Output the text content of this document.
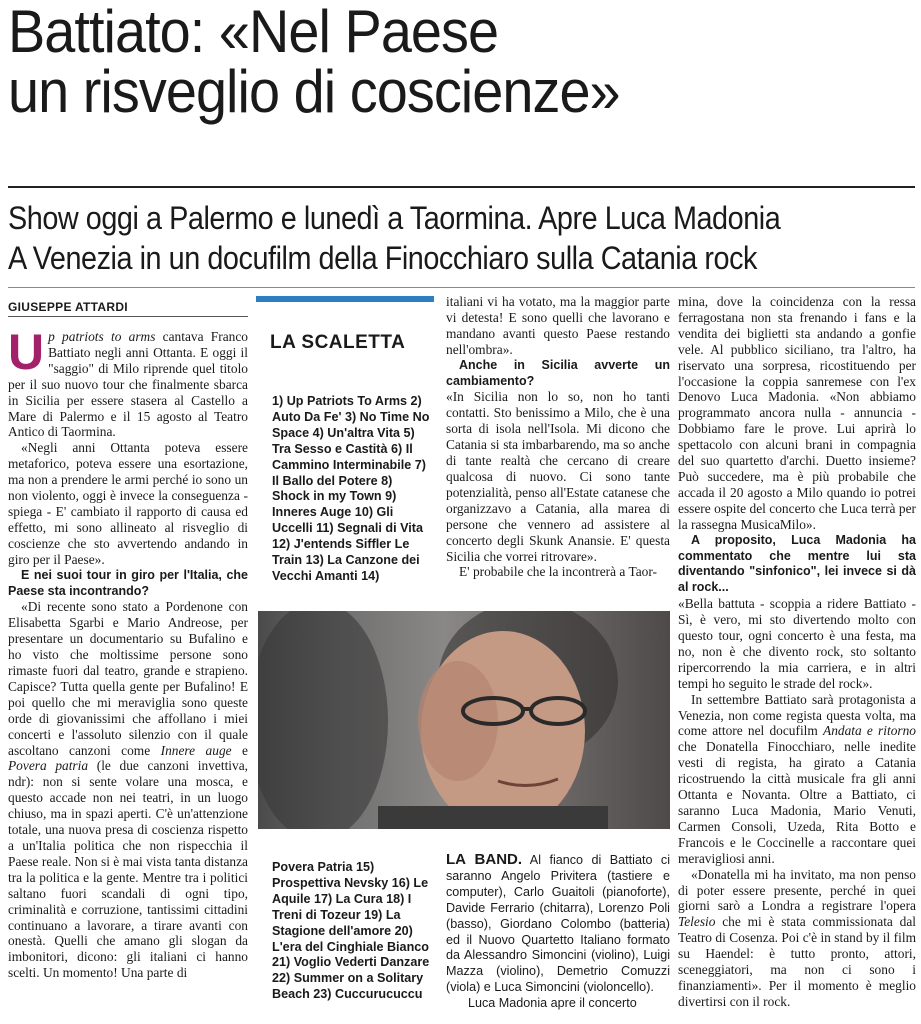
Battiato: «Nel Paese
un risveglio di coscienze»
Show oggi a Palermo e lunedì a Taormina. Apre Luca Madonia
A Venezia in un docufilm della Finocchiaro sulla Catania rock
GIUSEPPE ATTARDI

Up patriots to arms cantava Franco Battiato negli anni Ottanta. E oggi il "saggio" di Milo riprende quel titolo per il suo nuovo tour che finalmente sbarca in Sicilia per essere stasera al Castello a Mare di Palermo e il 15 agosto al Teatro Antico di Taormina.

«Negli anni Ottanta poteva essere metaforico, poteva essere una esortazione, ma non a prendere le armi perché io sono un non violento, oggi è invece la conseguenza - spiega - E' cambiato il rapporto di causa ed effetto, mi sono allineato al risveglio di coscienze che sto avvertendo andando in giro per il Paese».

E nei suoi tour in giro per l'Italia, che Paese sta incontrando?

«Di recente sono stato a Pordenone con Elisabetta Sgarbi e Mario Andreose, per presentare un documentario su Bufalino e ho visto che moltissime persone sono rimaste fuori dal teatro, grande e strapieno. Capisce? Tutta quella gente per Bufalino! E poi quello che mi meraviglia sono queste orde di giovanissimi che affollano i miei concerti e l'assoluto silenzio con il quale ascoltano canzoni come Innere auge e Povera patria (le due canzoni invettiva, ndr): non si sente volare una mosca, e questo accade non nei teatri, in un luogo chiuso, ma in spazi aperti. C'è un'attenzione totale, una nuova presa di coscienza rispetto a un'Italia politica che non rispecchia il Paese reale. Non si è mai vista tanta distanza tra la politica e la gente. Mentre tra i politici saltano fuori scandali di ogni tipo, criminalità e corruzione, tantissimi cittadini continuano a lavorare, a tirare avanti con onestà. Quelli che amano gli slogan da imbonitori, dicono: gli italiani ci hanno scelti. Un momento! Una parte di

LA SCALETTA
1) Up Patriots To Arms 2) Auto Da Fe' 3) No Time No Space 4) Un'altra Vita 5) Tra Sesso e Castità 6) Il Cammino Interminabile 7) Il Ballo del Potere 8) Shock in my Town 9) Inneres Auge 10) Gli Uccelli 11) Segnali di Vita 12) J'entends Siffler Le Train 13) La Canzone dei Vecchi Amanti 14)
Povera Patria 15) Prospettiva Nevsky 16) Le Aquile 17) La Cura 18) I Treni di Tozeur 19) La Stagione dell'amore 20) L'era del Cinghiale Bianco 21) Voglio Vederti Danzare 22) Summer on a Solitary Beach 23) Cuccurucuccu

italiani vi ha votato, ma la maggior parte vi detesta! E sono quelli che lavorano e mandano avanti questo Paese restando nell'ombra».

Anche in Sicilia avverte un cambiamento?

«In Sicilia non lo so, non ho tanti contatti. Sto benissimo a Milo, che è una sorta di isola nell'Isola. Mi dicono che Catania si sta imbarbarendo, ma so anche di tante realtà che cercano di creare qualcosa di nuovo. Ci sono tante potenzialità, penso all'Estate catanese che organizzavo a Catania, alla marea di persone che vennero ad assistere al concerto degli Skunk Anansie. E' questa Sicilia che vorrei ritrovare».

E' probabile che la incontrerà a Taor-

LA BAND. Al fianco di Battiato ci saranno Angelo Privitera (tastiere e computer), Carlo Guaitoli (pianoforte), Davide Ferrario (chitarra), Lorenzo Poli (basso), Giordano Colombo (batteria) ed il Nuovo Quartetto Italiano formato da Alessandro Simoncini (violino), Luigi Mazza (violino), Demetrio Comuzzi (viola) e Luca Simoncini (violoncello).

Luca Madonia apre il concerto

mina, dove la coincidenza con la ressa ferragostana non sta frenando i fans e la vendita dei biglietti sta andando a gonfie vele. Al pubblico siciliano, tra l'altro, ha riservato una sorpresa, ricostituendo per l'occasione la coppia sanremese con l'ex Denovo Luca Madonia. «Non abbiamo programmato ancora nulla - annuncia - Dobbiamo fare le prove. Lui aprirà lo spettacolo con alcuni brani in compagnia del suo quartetto d'archi. Duetto insieme? Può succedere, ma è più probabile che accada il 20 agosto a Milo quando io potrei essere ospite del concerto che Luca terrà per la rassegna MusicaMilo».

A proposito, Luca Madonia ha commentato che mentre lui sta diventando "sinfonico", lei invece si dà al rock...

«Bella battuta - scoppia a ridere Battiato - Sì, è vero, mi sto divertendo molto con questo tour, ogni concerto è una festa, ma no, non è che divento rock, sto soltanto ripercorrendo la mia carriera, e in altri tempi ho seguito le strade del rock».

In settembre Battiato sarà protagonista a Venezia, non come regista questa volta, ma come attore nel docufilm Andata e ritorno che Donatella Finocchiaro, nelle inedite vesti di regista, ha girato a Catania ricostruendo la città musicale fra gli anni Ottanta e Novanta. Oltre a Battiato, ci saranno Luca Madonia, Mario Venuti, Carmen Consoli, Uzeda, Rita Botto e Francois e le Coccinelle a raccontare quei meravigliosi anni.

«Donatella mi ha invitato, ma non penso di poter essere presente, perché in quei giorni sarò a Londra a registrare l'opera Telesio che mi è stata commissionata dal Teatro di Cosenza. Poi c'è in stand by il film su Haendel: è tutto pronto, attori, sceneggiatori, ma non ci sono i finanziamenti». Per il momento è meglio divertirsi con il rock.
